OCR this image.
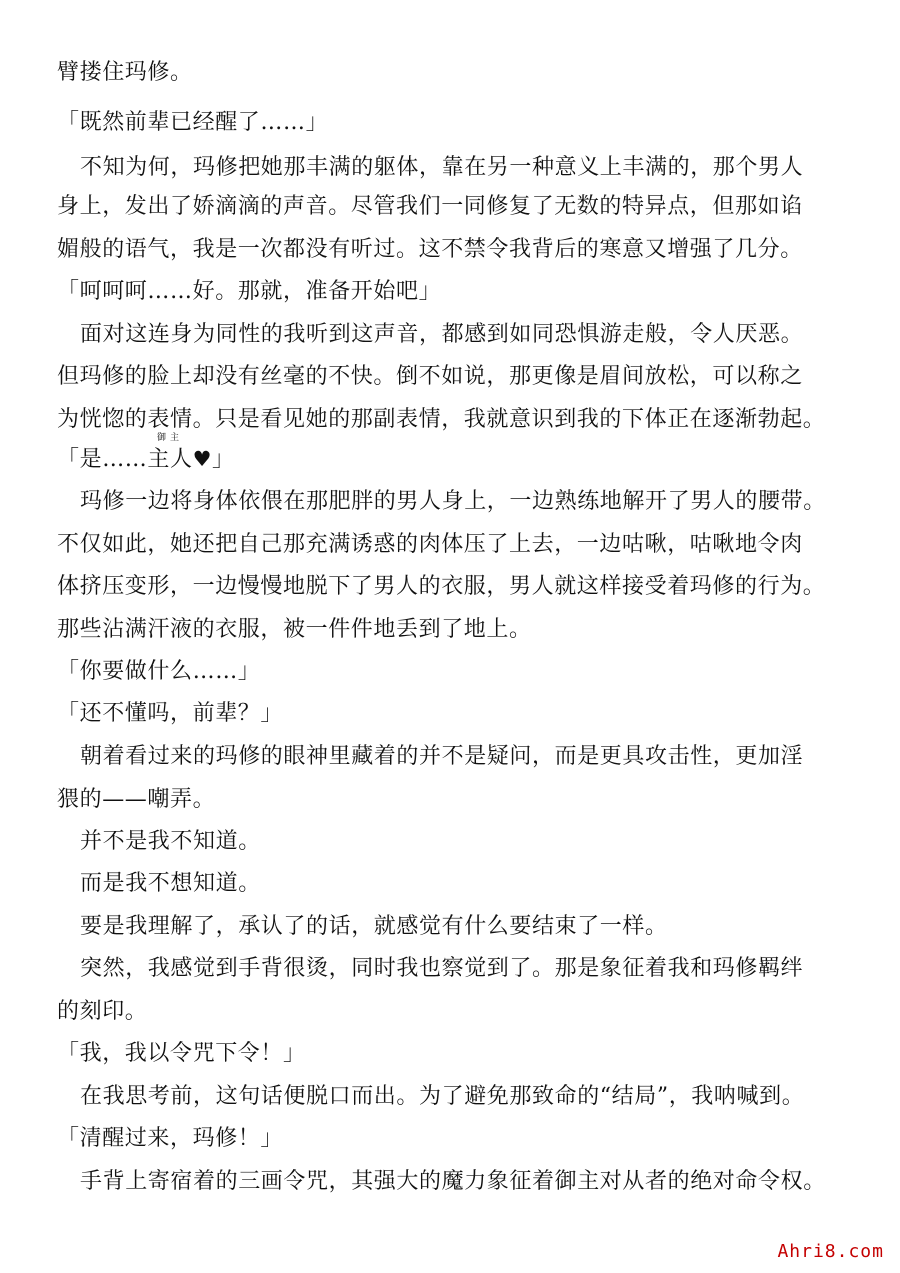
臂搂住玛修。
「既然前辈已经醒了……」
不知为何，玛修把她那丰满的躯体，靠在另一种意义上丰满的，那个男人
身上，发出了娇滴滴的声音。尽管我们一同修复了无数的特异点，但那如谄
媚般的语气，我是一次都没有听过。这不禁令我背后的寒意又增强了几分。
「呵呵呵……好。那就，准备开始吧」
面对这连身为同性的我听到这声音，都感到如同恐惧游走般，令人厌恶。
但玛修的脸上却没有丝毫的不快。倒不如说，那更像是眉间放松，可以称之
为恍惚的表情。只是看见她的那副表情，我就意识到我的下体正在逐渐勃起。
「是……
御主
主人♥」
玛修一边将身体依偎在那肥胖的男人身上，一边熟练地解开了男人的腰带。
不仅如此，她还把自己那充满诱惑的肉体压了上去，一边咕啾，咕啾地令肉
体挤压变形，一边慢慢地脱下了男人的衣服，男人就这样接受着玛修的行为。
那些沾满汗液的衣服，被一件件地丢到了地上。
「你要做什么……」
「还不懂吗，前辈？」
朝着看过来的玛修的眼神里藏着的并不是疑问，而是更具攻击性，更加淫
猥的——嘲弄。
并不是我不知道。
而是我不想知道。
要是我理解了，承认了的话，就感觉有什么要结束了一样。
突然，我感觉到手背很烫，同时我也察觉到了。那是象征着我和玛修羁绊
的刻印。
「我，我以令咒下令！」
在我思考前，这句话便脱口而出。为了避免那致命的“结局”，我呐喊到。
「清醒过来，玛修！」
手背上寄宿着的三画令咒，其强大的魔力象征着御主对从者的绝对命令权。
Ahri8.com
